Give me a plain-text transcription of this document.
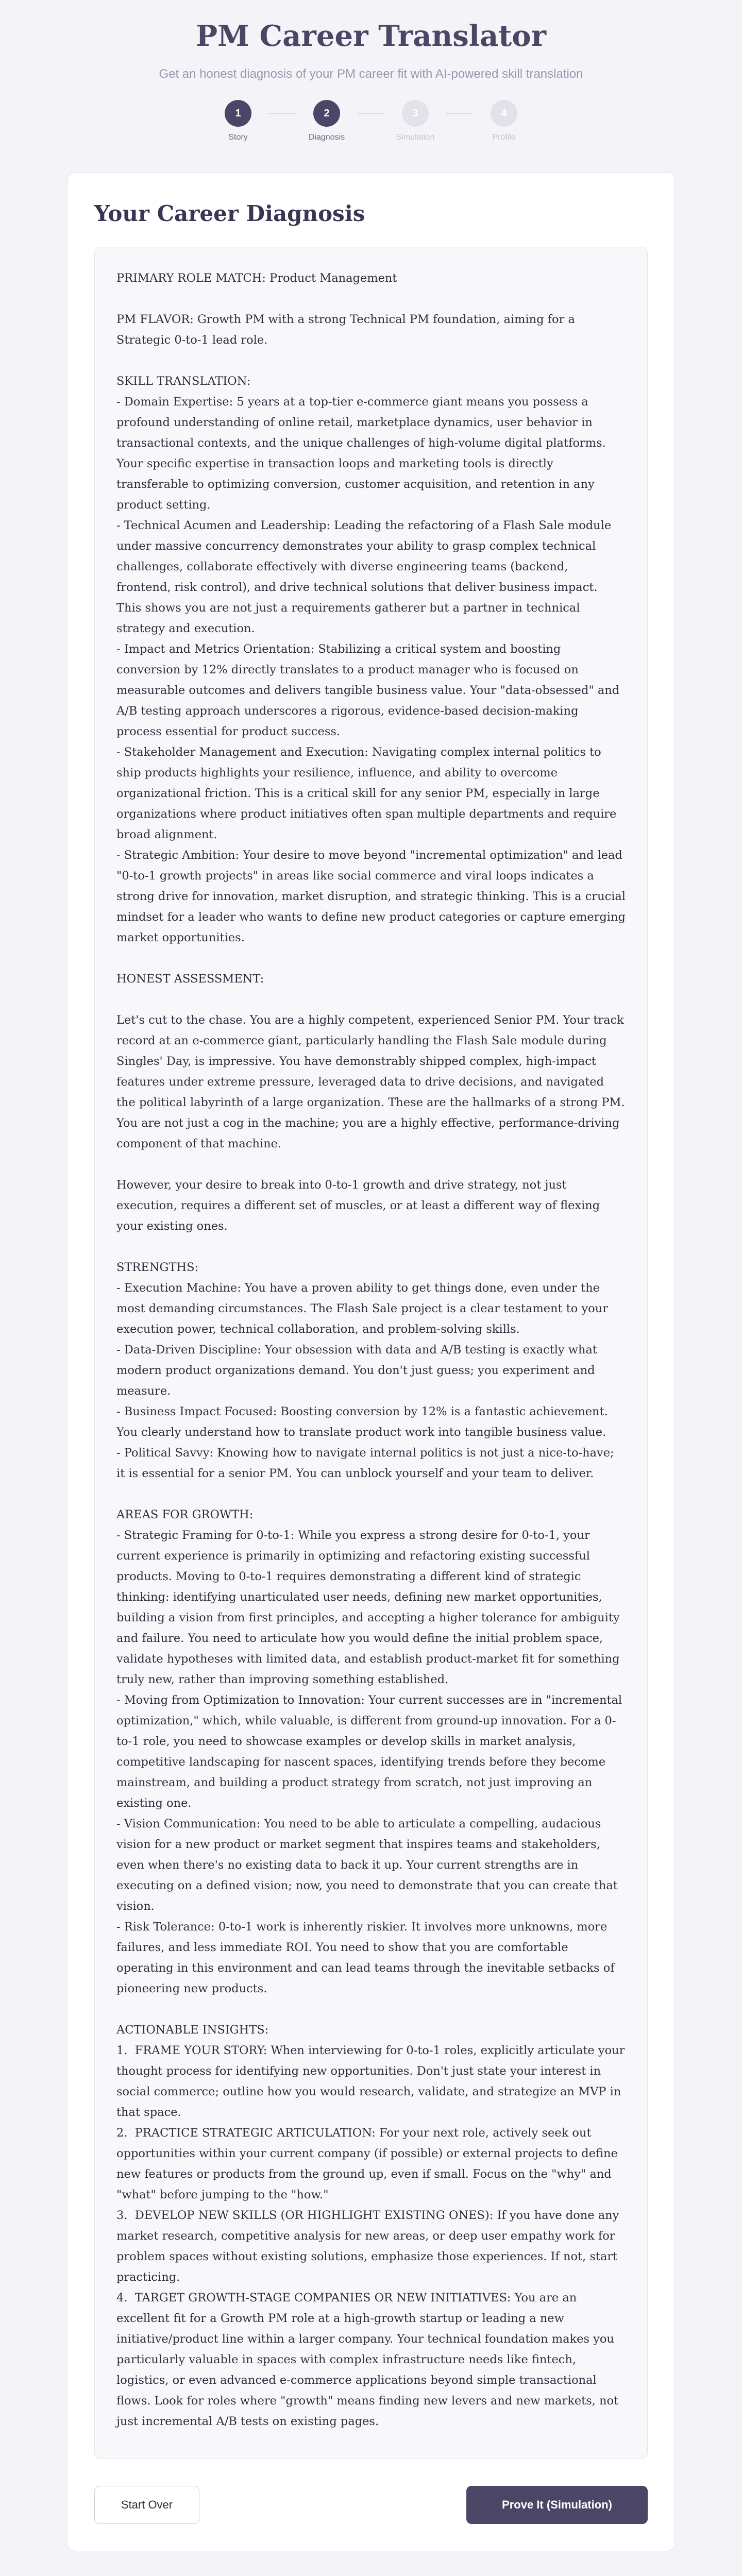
PM Career Translator

Get an honest diagnosis of your PM career fit with AI-powered skill translation

1
Story
2
Diagnosis
3
Simulation
4
Profile
Your Career Diagnosis
PRIMARY ROLE MATCH: Product Management

PM FLAVOR: Growth PM with a strong Technical PM foundation, aiming for a Strategic 0-to-1 lead role.

SKILL TRANSLATION:
- Domain Expertise: 5 years at a top-tier e-commerce giant means you possess a profound understanding of online retail, marketplace dynamics, user behavior in transactional contexts, and the unique challenges of high-volume digital platforms. Your specific expertise in transaction loops and marketing tools is directly transferable to optimizing conversion, customer acquisition, and retention in any product setting.
- Technical Acumen and Leadership: Leading the refactoring of a Flash Sale module under massive concurrency demonstrates your ability to grasp complex technical challenges, collaborate effectively with diverse engineering teams (backend, frontend, risk control), and drive technical solutions that deliver business impact. This shows you are not just a requirements gatherer but a partner in technical strategy and execution.
- Impact and Metrics Orientation: Stabilizing a critical system and boosting conversion by 12% directly translates to a product manager who is focused on measurable outcomes and delivers tangible business value. Your "data-obsessed" and A/B testing approach underscores a rigorous, evidence-based decision-making process essential for product success.
- Stakeholder Management and Execution: Navigating complex internal politics to ship products highlights your resilience, influence, and ability to overcome organizational friction. This is a critical skill for any senior PM, especially in large organizations where product initiatives often span multiple departments and require broad alignment.
- Strategic Ambition: Your desire to move beyond "incremental optimization" and lead "0-to-1 growth projects" in areas like social commerce and viral loops indicates a strong drive for innovation, market disruption, and strategic thinking. This is a crucial mindset for a leader who wants to define new product categories or capture emerging market opportunities.

HONEST ASSESSMENT:

Let's cut to the chase. You are a highly competent, experienced Senior PM. Your track record at an e-commerce giant, particularly handling the Flash Sale module during Singles' Day, is impressive. You have demonstrably shipped complex, high-impact features under extreme pressure, leveraged data to drive decisions, and navigated the political labyrinth of a large organization. These are the hallmarks of a strong PM. You are not just a cog in the machine; you are a highly effective, performance-driving component of that machine.

However, your desire to break into 0-to-1 growth and drive strategy, not just execution, requires a different set of muscles, or at least a different way of flexing your existing ones.

STRENGTHS:
- Execution Machine: You have a proven ability to get things done, even under the most demanding circumstances. The Flash Sale project is a clear testament to your execution power, technical collaboration, and problem-solving skills.
- Data-Driven Discipline: Your obsession with data and A/B testing is exactly what modern product organizations demand. You don't just guess; you experiment and measure.
- Business Impact Focused: Boosting conversion by 12% is a fantastic achievement. You clearly understand how to translate product work into tangible business value.
- Political Savvy: Knowing how to navigate internal politics is not just a nice-to-have; it is essential for a senior PM. You can unblock yourself and your team to deliver.

AREAS FOR GROWTH:
- Strategic Framing for 0-to-1: While you express a strong desire for 0-to-1, your current experience is primarily in optimizing and refactoring existing successful products. Moving to 0-to-1 requires demonstrating a different kind of strategic thinking: identifying unarticulated user needs, defining new market opportunities, building a vision from first principles, and accepting a higher tolerance for ambiguity and failure. You need to articulate how you would define the initial problem space, validate hypotheses with limited data, and establish product-market fit for something truly new, rather than improving something established.
- Moving from Optimization to Innovation: Your current successes are in "incremental optimization," which, while valuable, is different from ground-up innovation. For a 0-to-1 role, you need to showcase examples or develop skills in market analysis, competitive landscaping for nascent spaces, identifying trends before they become mainstream, and building a product strategy from scratch, not just improving an existing one.
- Vision Communication: You need to be able to articulate a compelling, audacious vision for a new product or market segment that inspires teams and stakeholders, even when there's no existing data to back it up. Your current strengths are in executing on a defined vision; now, you need to demonstrate that you can create that vision.
- Risk Tolerance: 0-to-1 work is inherently riskier. It involves more unknowns, more failures, and less immediate ROI. You need to show that you are comfortable operating in this environment and can lead teams through the inevitable setbacks of pioneering new products.

ACTIONABLE INSIGHTS:
1.  FRAME YOUR STORY: When interviewing for 0-to-1 roles, explicitly articulate your thought process for identifying new opportunities. Don't just state your interest in social commerce; outline how you would research, validate, and strategize an MVP in that space.
2.  PRACTICE STRATEGIC ARTICULATION: For your next role, actively seek out opportunities within your current company (if possible) or external projects to define new features or products from the ground up, even if small. Focus on the "why" and "what" before jumping to the "how."
3.  DEVELOP NEW SKILLS (OR HIGHLIGHT EXISTING ONES): If you have done any market research, competitive analysis for new areas, or deep user empathy work for problem spaces without existing solutions, emphasize those experiences. If not, start practicing.
4.  TARGET GROWTH-STAGE COMPANIES OR NEW INITIATIVES: You are an excellent fit for a Growth PM role at a high-growth startup or leading a new initiative/product line within a larger company. Your technical foundation makes you particularly valuable in spaces with complex infrastructure needs like fintech, logistics, or even advanced e-commerce applications beyond simple transactional flows. Look for roles where "growth" means finding new levers and new markets, not just incremental A/B tests on existing pages.
Start Over	Prove It (Simulation)
